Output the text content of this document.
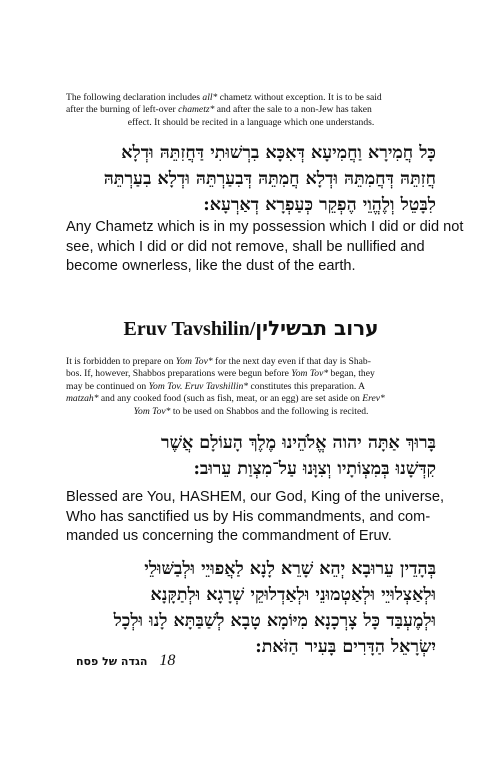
The following declaration includes all* chametz without exception. It is to be said
after the burning of left-over chametz* and after the sale to a non-Jew has taken
effect. It should be recited in a language which one understands.
כָּל חֲמִירָא וַחֲמִיעָא דְּאִכָּא בִרְשׁוּתִי דַּחֲזִתֵּהּ וּדְלָא
חֲזִתֵּהּ דְּחֲמִתֵּהּ וּדְלָא חֲמִתֵּהּ דְּבִעַרְתֵּהּ וּדְלָא בִעַרְתֵּהּ
לִבָּטֵל וְלֶהֱוֵי הֶפְקֵר כְּעַפְרָא דְאַרְעָא:
Any Chametz which is in my possession which I did or did not
see, which I did or did not remove, shall be nullified and
become ownerless, like the dust of the earth.
Eruv Tavshilin/ערוב תבשילין
It is forbidden to prepare on Yom Tov* for the next day even if that day is Shab-
bos. If, however, Shabbos preparations were begun before Yom Tov* began, they
may be continued on Yom Tov. Eruv Tavshillin* constitutes this preparation. A
matzah* and any cooked food (such as fish, meat, or an egg) are set aside on Erev*
Yom Tov* to be used on Shabbos and the following is recited.
בָּרוּךְ אַתָּה יהוה אֱלֹהֵינוּ מֶלֶךְ הָעוֹלָם אֲשֶׁר
קִדְּשָׁנוּ בְּמִצְוֹתָיו וְצִוָּנוּ עַל־מִצְוַת עֵרוּב:
Blessed are You, HASHEM, our God, King of the universe,
Who has sanctified us by His commandments, and com-
manded us concerning the commandment of Eruv.
בְּהָדֵין עֵרוּבָא יְהֵא שָׁרֵא לָנָא לַאֲפוּיֵי וּלְבַשּׁוּלֵי
וּלְאַצְלוּיֵי וּלְאַטְמוּנֵי וּלְאַדְלוּקֵי שְׁרָגָא וּלְתַקָּנָא
וּלְמֶעְבַּד כָּל צָרְכָנָא מִיּוֹמָא טָבָא לְשַׁבַּתָּא לָנוּ וּלְכָל
יִשְׂרָאֵל הַדָּרִים בָּעִיר הַזֹּאת:
הגדה של פסח 18
